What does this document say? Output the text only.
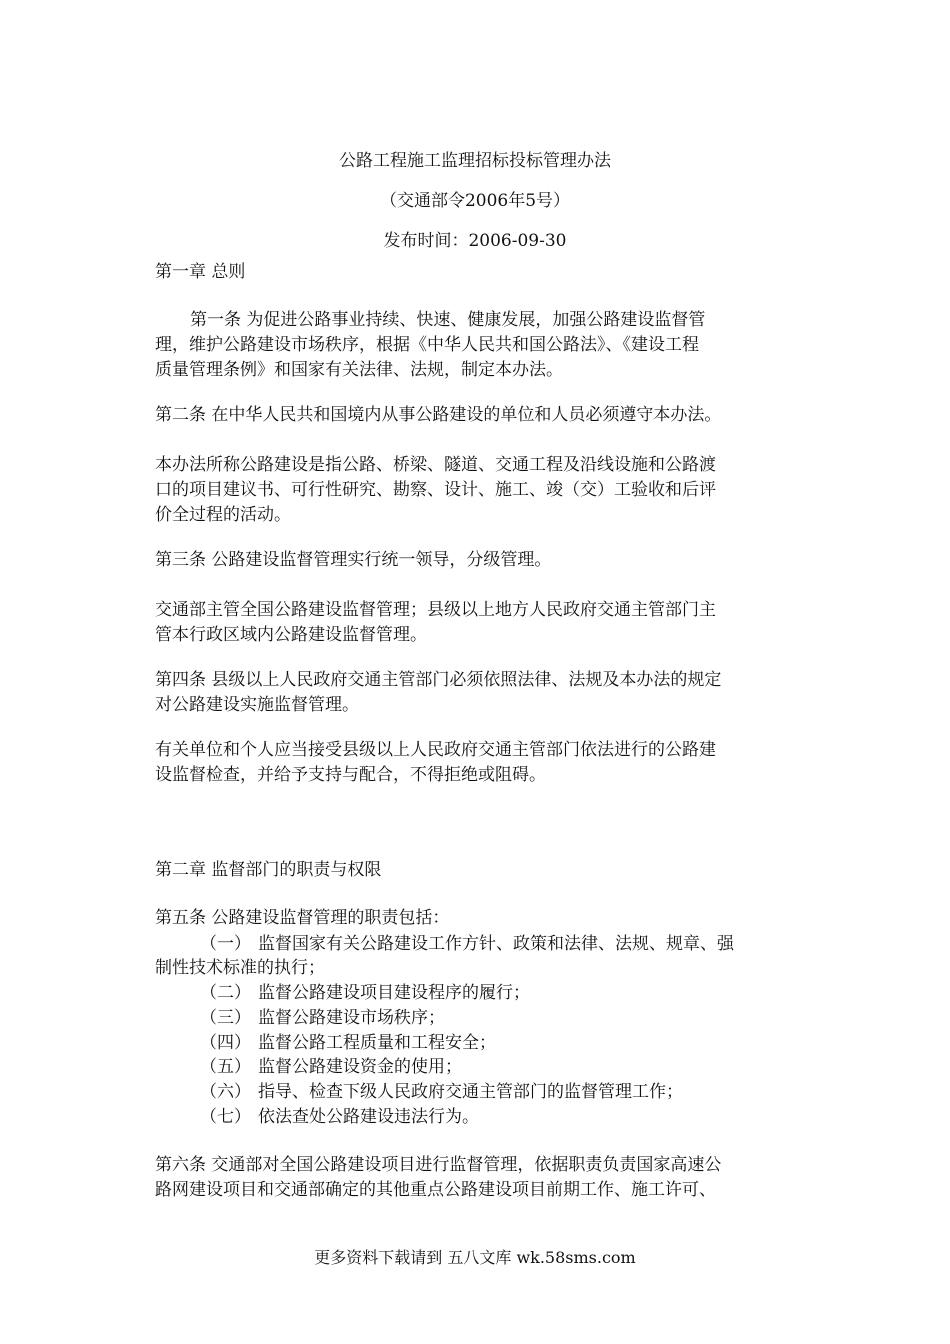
公路工程施工监理招标投标管理办法
（交通部令2006年5号）
发布时间：2006-09-30
第一章 总则
第一条 为促进公路事业持续、快速、健康发展，加强公路建设监督管
理，维护公路建设市场秩序，根据《中华人民共和国公路法》、《建设工程
质量管理条例》和国家有关法律、法规，制定本办法。
第二条 在中华人民共和国境内从事公路建设的单位和人员必须遵守本办法。
本办法所称公路建设是指公路、桥梁、隧道、交通工程及沿线设施和公路渡
口的项目建议书、可行性研究、勘察、设计、施工、竣（交）工验收和后评
价全过程的活动。
第三条 公路建设监督管理实行统一领导，分级管理。
交通部主管全国公路建设监督管理；县级以上地方人民政府交通主管部门主
管本行政区域内公路建设监督管理。
第四条 县级以上人民政府交通主管部门必须依照法律、法规及本办法的规定
对公路建设实施监督管理。
有关单位和个人应当接受县级以上人民政府交通主管部门依法进行的公路建
设监督检查，并给予支持与配合，不得拒绝或阻碍。
第二章 监督部门的职责与权限
第五条 公路建设监督管理的职责包括：
（一） 监督国家有关公路建设工作方针、政策和法律、法规、规章、强
制性技术标准的执行；
（二） 监督公路建设项目建设程序的履行；
（三） 监督公路建设市场秩序；
（四） 监督公路工程质量和工程安全；
（五） 监督公路建设资金的使用；
（六） 指导、检查下级人民政府交通主管部门的监督管理工作；
（七） 依法查处公路建设违法行为。
第六条 交通部对全国公路建设项目进行监督管理，依据职责负责国家高速公
路网建设项目和交通部确定的其他重点公路建设项目前期工作、施工许可、
更多资料下载请到 五八文库 wk.58sms.com
